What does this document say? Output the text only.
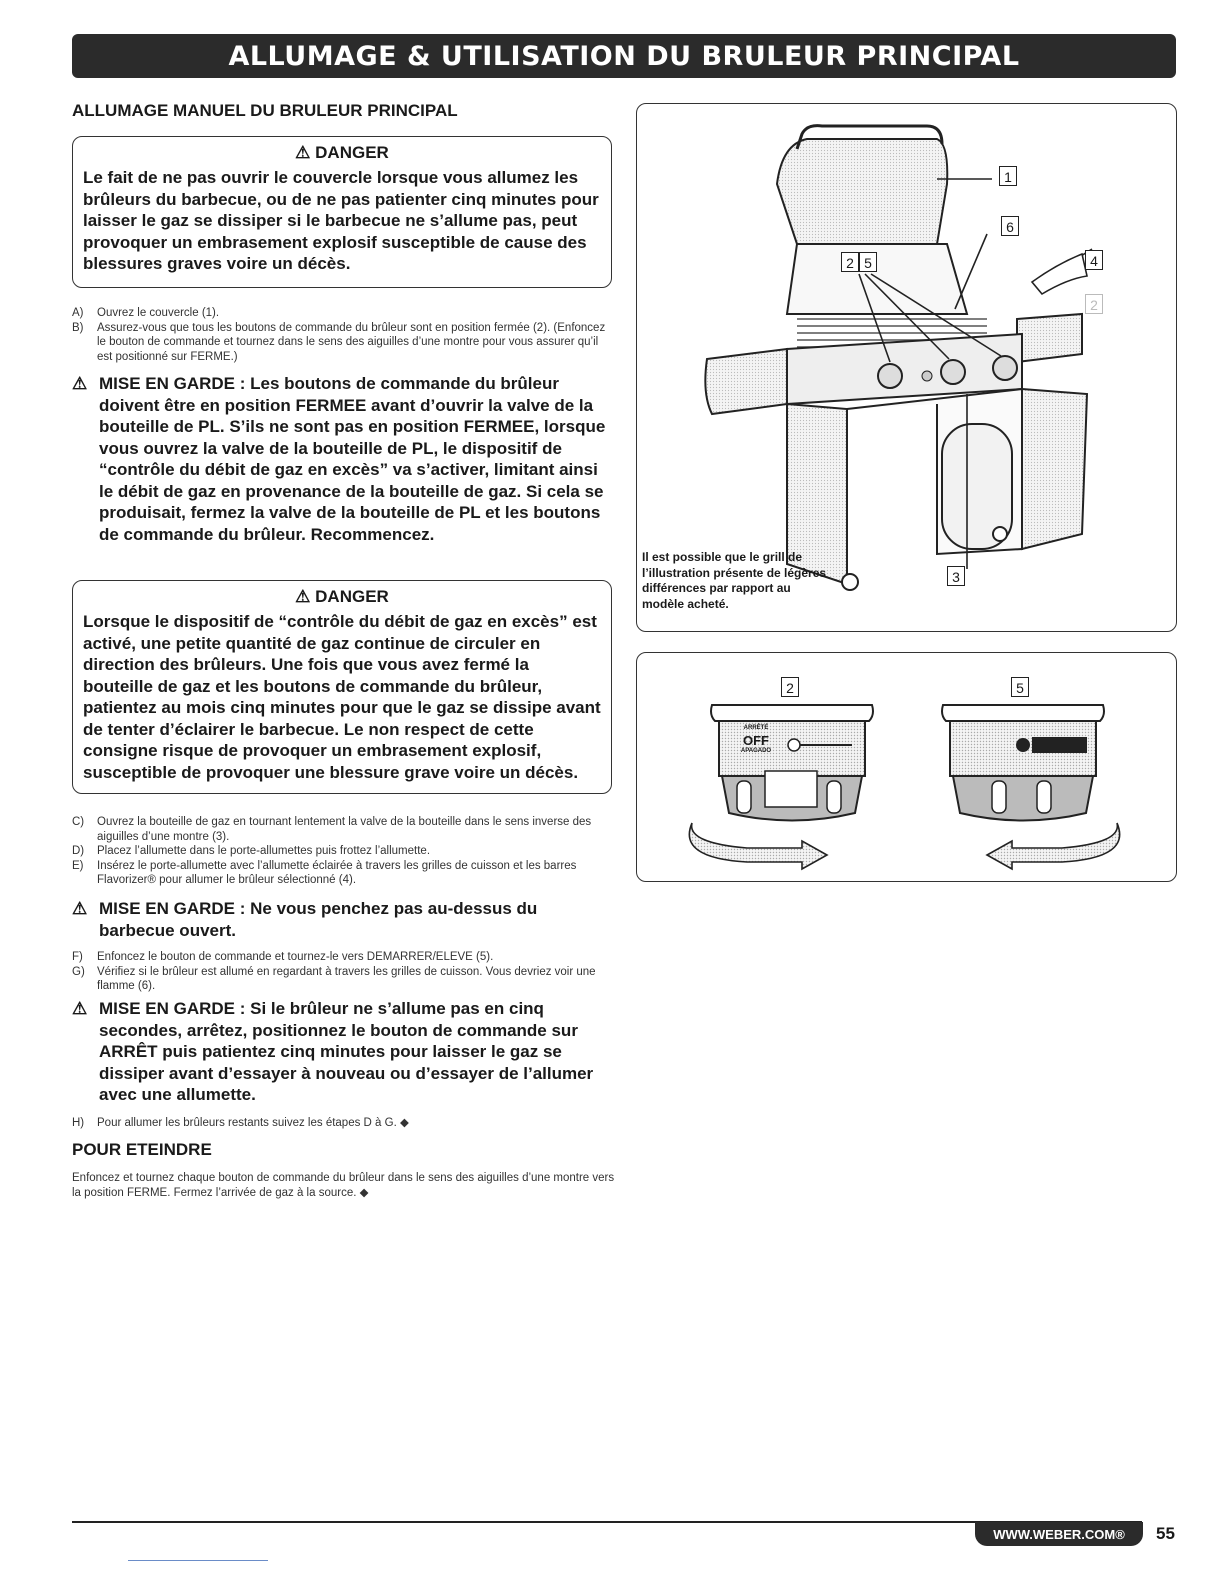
ALLUMAGE & UTILISATION DU BRULEUR PRINCIPAL
ALLUMAGE MANUEL DU BRULEUR PRINCIPAL
⚠ DANGER
Le fait de ne pas ouvrir le couvercle lorsque vous allumez les brûleurs du barbecue, ou de ne pas patienter cinq minutes pour laisser le gaz se dissiper si le barbecue ne s’allume pas, peut provoquer un embrasement explosif susceptible de cause des blessures graves voire un décès.
A)	Ouvrez le couvercle (1).
B)	Assurez-vous que tous les boutons de commande du brûleur sont en position fermée (2). (Enfoncez le bouton de commande et tournez dans le sens des aiguilles d’une montre pour vous assurer qu’il est positionné sur FERME.)
⚠ MISE EN GARDE : Les boutons de commande du brûleur doivent être en position FERMEE avant d’ouvrir la valve de la bouteille de PL. S’ils ne sont pas en position FERMEE, lorsque vous ouvrez la valve de la bouteille de PL, le dispositif de “contrôle du débit de gaz en excès” va s’activer, limitant ainsi le débit de gaz en provenance de la bouteille de gaz. Si cela se produisait, fermez la valve de la bouteille de PL et les boutons de commande du brûleur. Recommencez.
⚠ DANGER
Lorsque le dispositif de “contrôle du débit de gaz en excès” est activé, une petite quantité de gaz continue de circuler en direction des brûleurs. Une fois que vous avez fermé la bouteille de gaz et les boutons de commande du brûleur, patientez au mois cinq minutes pour que le gaz se dissipe avant de tenter d’éclairer le barbecue. Le non respect de cette consigne risque de provoquer un embrasement explosif, susceptible de provoquer une blessure grave voire un décès.
C)	Ouvrez la bouteille de gaz en tournant lentement la valve de la bouteille dans le sens inverse des aiguilles d’une montre (3).
D)	Placez l’allumette dans le porte-allumettes puis frottez l’allumette.
E)	Insérez le porte-allumette avec l’allumette éclairée à travers les grilles de cuisson et les barres Flavorizer® pour allumer le brûleur sélectionné (4).
⚠ MISE EN GARDE : Ne vous penchez pas au-dessus du barbecue ouvert.
F)	Enfoncez le bouton de commande et tournez-le vers DEMARRER/ELEVE (5).
G)	Vérifiez si le brûleur est allumé en regardant à travers les grilles de cuisson. Vous devriez voir une flamme (6).
⚠ MISE EN GARDE : Si le brûleur ne s’allume pas en cinq secondes, arrêtez, positionnez le bouton de commande sur ARRÊT puis patientez cinq minutes pour laisser le gaz se dissiper avant d’essayer à nouveau ou d’essayer de l’allumer avec une allumette.
H)	Pour allumer les brûleurs restants suivez les étapes D à G. ◆
POUR ETEINDRE
Enfoncez et tournez chaque bouton de commande du brûleur dans le sens des aiguilles d’une montre vers la position FERME. Fermez l’arrivée de gaz à la source. ◆
1
6
2 5	4
2
3
Il est possible que le grill de l’illustration présente de légères différences par rapport au modèle acheté.
2	5
ARRÊTÉ
OFF
APAGADO
WWW.WEBER.COM® 55
